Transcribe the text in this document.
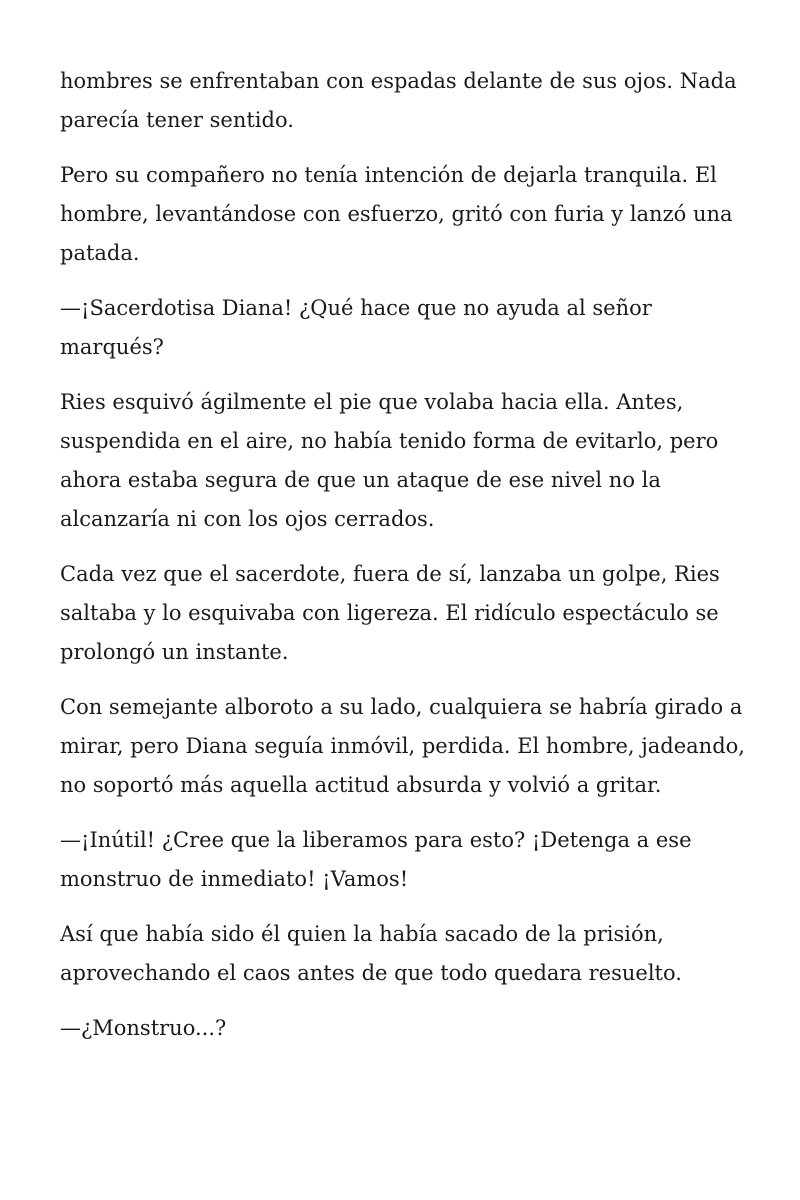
hombres se enfrentaban con espadas delante de sus ojos. Nada parecía tener sentido.

Pero su compañero no tenía intención de dejarla tranquila. El hombre, levantándose con esfuerzo, gritó con furia y lanzó una patada.

—¡Sacerdotisa Diana! ¿Qué hace que no ayuda al señor marqués?

Ries esquivó ágilmente el pie que volaba hacia ella. Antes, suspendida en el aire, no había tenido forma de evitarlo, pero ahora estaba segura de que un ataque de ese nivel no la alcanzaría ni con los ojos cerrados.

Cada vez que el sacerdote, fuera de sí, lanzaba un golpe, Ries saltaba y lo esquivaba con ligereza. El ridículo espectáculo se prolongó un instante.

Con semejante alboroto a su lado, cualquiera se habría girado a mirar, pero Diana seguía inmóvil, perdida. El hombre, jadeando, no soportó más aquella actitud absurda y volvió a gritar.

—¡Inútil! ¿Cree que la liberamos para esto? ¡Detenga a ese monstruo de inmediato! ¡Vamos!

Así que había sido él quien la había sacado de la prisión, aprovechando el caos antes de que todo quedara resuelto.

—¿Monstruo...?
